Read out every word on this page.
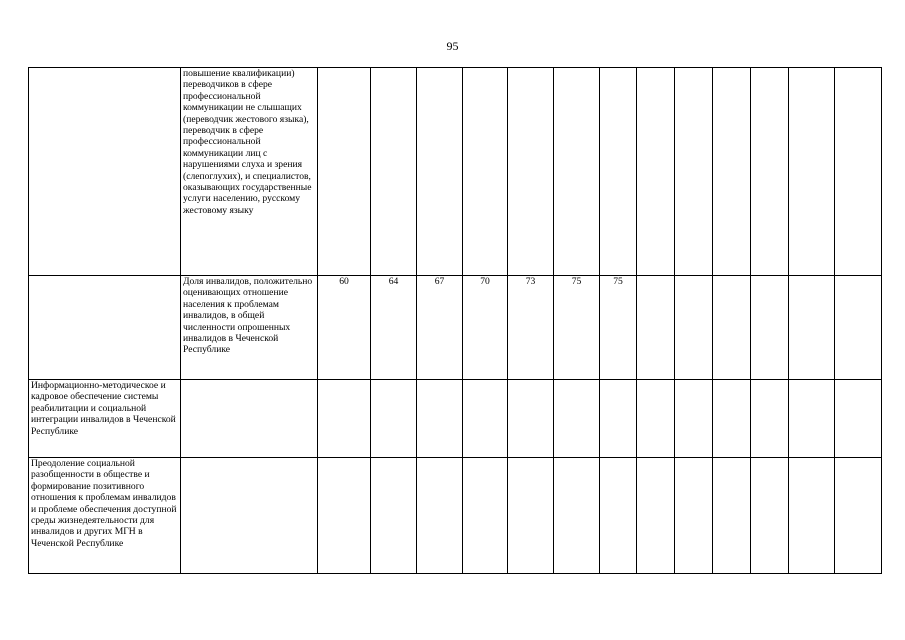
95
	повышение квалификации) переводчиков в сфере профессиональной коммуникации не слышащих (переводчик жестового языка), переводчик в сфере профессиональной коммуникации лиц с нарушениями слуха и зрения (слепоглухих), и специалистов, оказывающих государственные услуги населению, русскому жестовому языку													
	Доля инвалидов, положительно оценивающих отношение населения к проблемам инвалидов, в общей численности опрошенных инвалидов в Чеченской Республике	60	64	67	70	73	75	75						
Информационно-методическое и кадровое обеспечение системы реабилитации и социальной интеграции инвалидов в Чеченской Республике														
Преодоление социальной разобщенности в обществе и формирование позитивного отношения к проблемам инвалидов и проблеме обеспечения доступной среды жизнедеятельности для инвалидов и других МГН в Чеченской Республике														
